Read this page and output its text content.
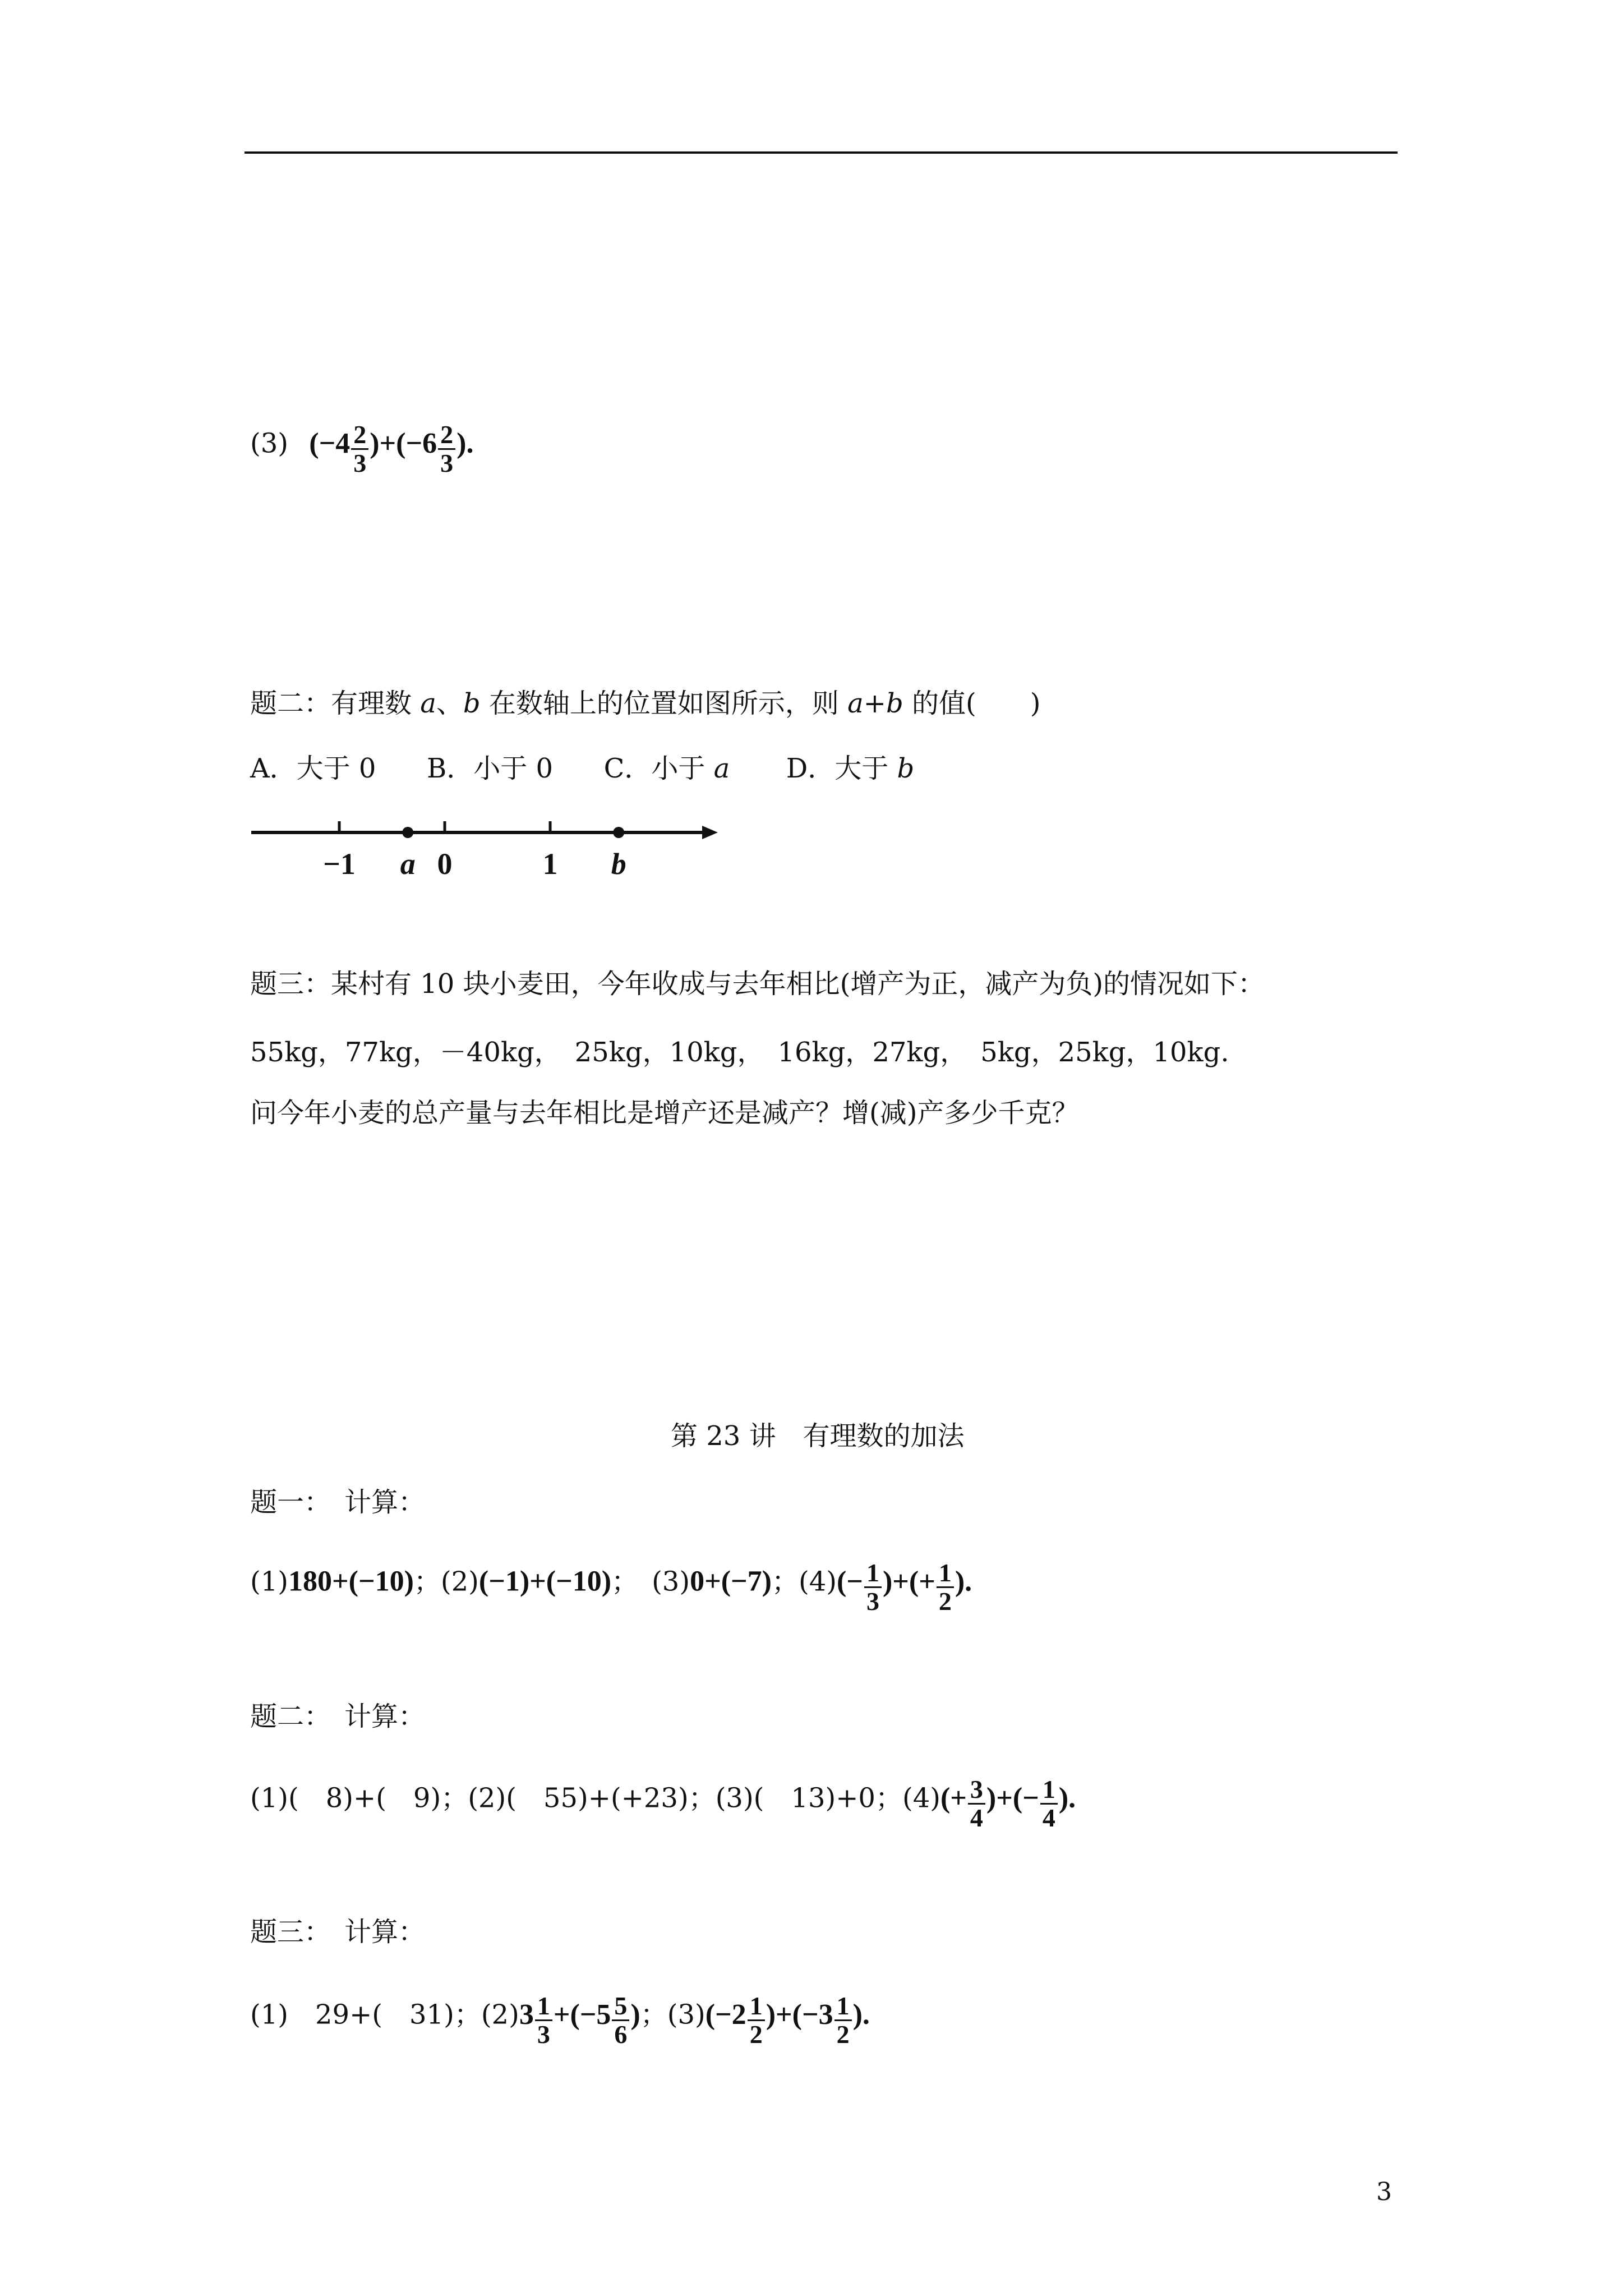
(3) $(-4 \frac{2}{3} )+(-6 \frac{2}{3}$ ).
题二：有理数 a、b 在数轴上的位置如图所示，则 a+b 的值(　　)
A．大于 0 B．小于 0 C．小于 a D．大于 b
−1	0	1
a	b
题三：某村有 10 块小麦田，今年收成与去年相比(增产为正，减产为负)的情况如下：
55kg，77kg，－40kg，　25kg，10kg，　16kg，27kg，　5kg，25kg，10kg.
问今年小麦的总产量与去年相比是增产还是减产？增(减)产多少千克？
第 23 讲　有理数的加法
题一：　计算：
(1)180+(−10)；(2)(−1)+(−10)；　(3)0+(−7)；$(4)(- \frac{1}{3}$ )+(+ $\frac{1}{2}$ ).
题二：　计算：
(1)(　8)+(　9)；(2)(　55)+(+23)；(3)(　13)+0；$(4)(+ \frac{3}{4}$ )+(− $\frac{1}{4}$ ).
题三：　计算：
(1)　29+(　31)；$(2)3 \frac{1}{3} +(-5 \frac{5}{6}$ )；$(3)(-2 \frac{1}{2} )+(-3 \frac{1}{2}$ ).
3
